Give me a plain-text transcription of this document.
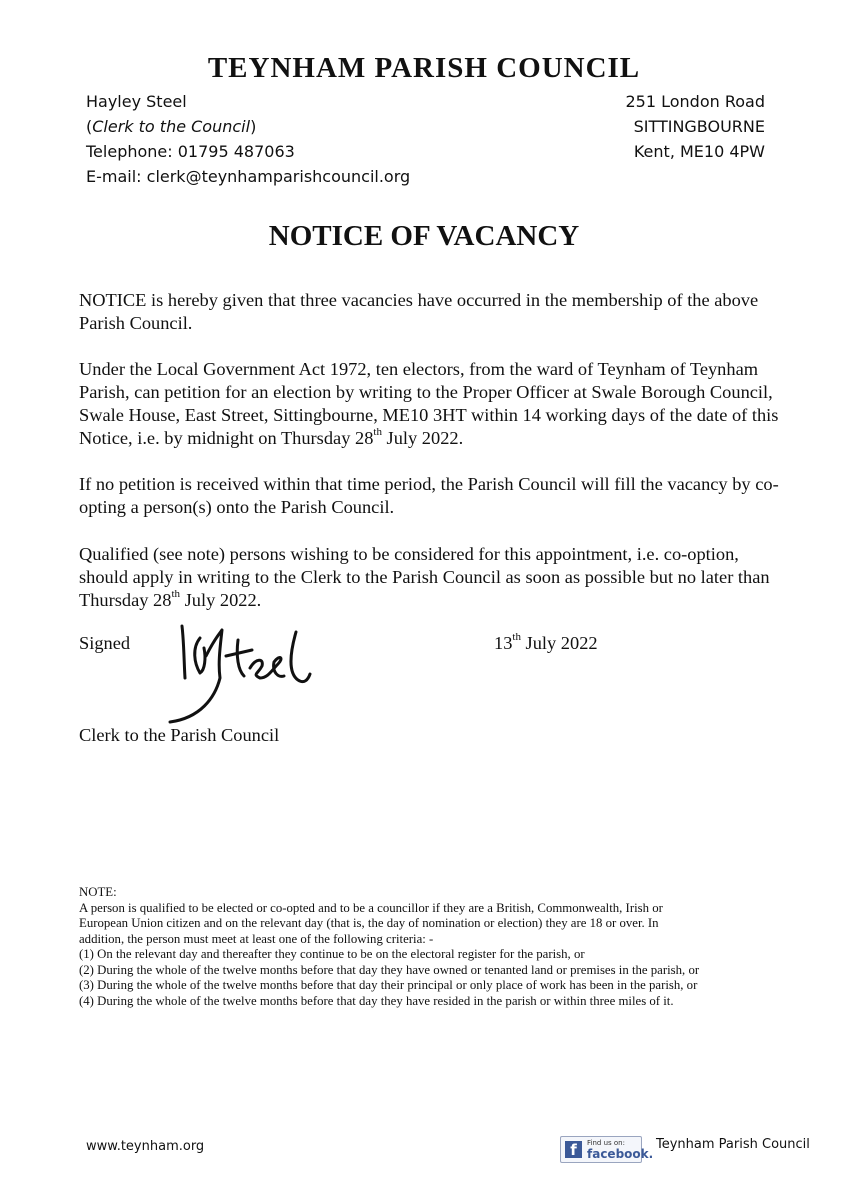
TEYNHAM PARISH COUNCIL
Hayley Steel
(Clerk to the Council)
Telephone: 01795 487063
E-mail: clerk@teynhamparishcouncil.org
251 London Road
SITTINGBOURNE
Kent, ME10 4PW
NOTICE OF VACANCY
NOTICE is hereby given that three vacancies have occurred in the membership of the above Parish Council.
Under the Local Government Act 1972, ten electors, from the ward of Teynham of Teynham Parish, can petition for an election by writing to the Proper Officer at Swale Borough Council, Swale House, East Street, Sittingbourne, ME10 3HT within 14 working days of the date of this Notice, i.e. by midnight on Thursday 28th July 2022.
If no petition is received within that time period, the Parish Council will fill the vacancy by co-opting a person(s) onto the Parish Council.
Qualified (see note) persons wishing to be considered for this appointment, i.e. co-option, should apply in writing to the Clerk to the Parish Council as soon as possible but no later than Thursday 28th July 2022.
Signed	13th July 2022
Clerk to the Parish Council
NOTE:
A person is qualified to be elected or co-opted and to be a councillor if they are a British, Commonwealth, Irish or
European Union citizen and on the relevant day (that is, the day of nomination or election) they are 18 or over. In
addition, the person must meet at least one of the following criteria: -
(1) On the relevant day and thereafter they continue to be on the electoral register for the parish, or
(2) During the whole of the twelve months before that day they have owned or tenanted land or premises in the parish, or
(3) During the whole of the twelve months before that day their principal or only place of work has been in the parish, or
(4) During the whole of the twelve months before that day they have resided in the parish or within three miles of it.
www.teynham.org	f	Find us on:
facebook.
Teynham Parish Council
